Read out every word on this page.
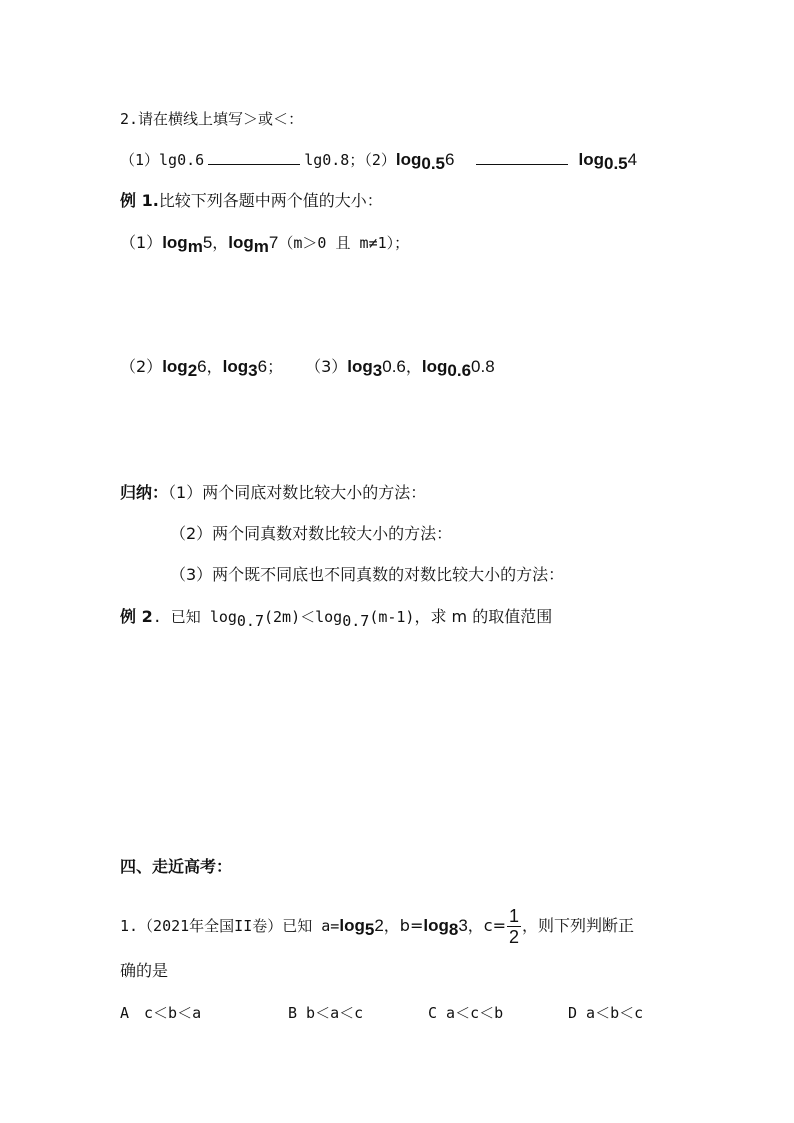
2.请在横线上填写＞或＜：
（1）lg0.6	lg0.8；$(2)\log_{0.5}6$	$\log_{0.5}4$
例 1.比较下列各题中两个值的大小：
$(1)\log_m5$，$\log_m7(m>0$ 且 m≠1）；
$(2)\log_26$，$\log_36$； $(3)\log_30.6$，$\log_{0.6}0.8$
归纳：（1）两个同底对数比较大小的方法：
（2）两个同真数对数比较大小的方法：
（3）两个既不同底也不同真数的对数比较大小的方法：
例 2. 已知 $\log_{0.7}(2m)<\log_{0.7}(m-1)$，求 m 的取值范围
四、走近高考：
1.（2021年全国II卷）已知 $a=\log_52$，$b=\log_83$，$c= \frac{1}{2}$ ，则下列判断正
确的是
A　c＜b＜a	B b＜a＜c	C a＜c＜b	D a＜b＜c
